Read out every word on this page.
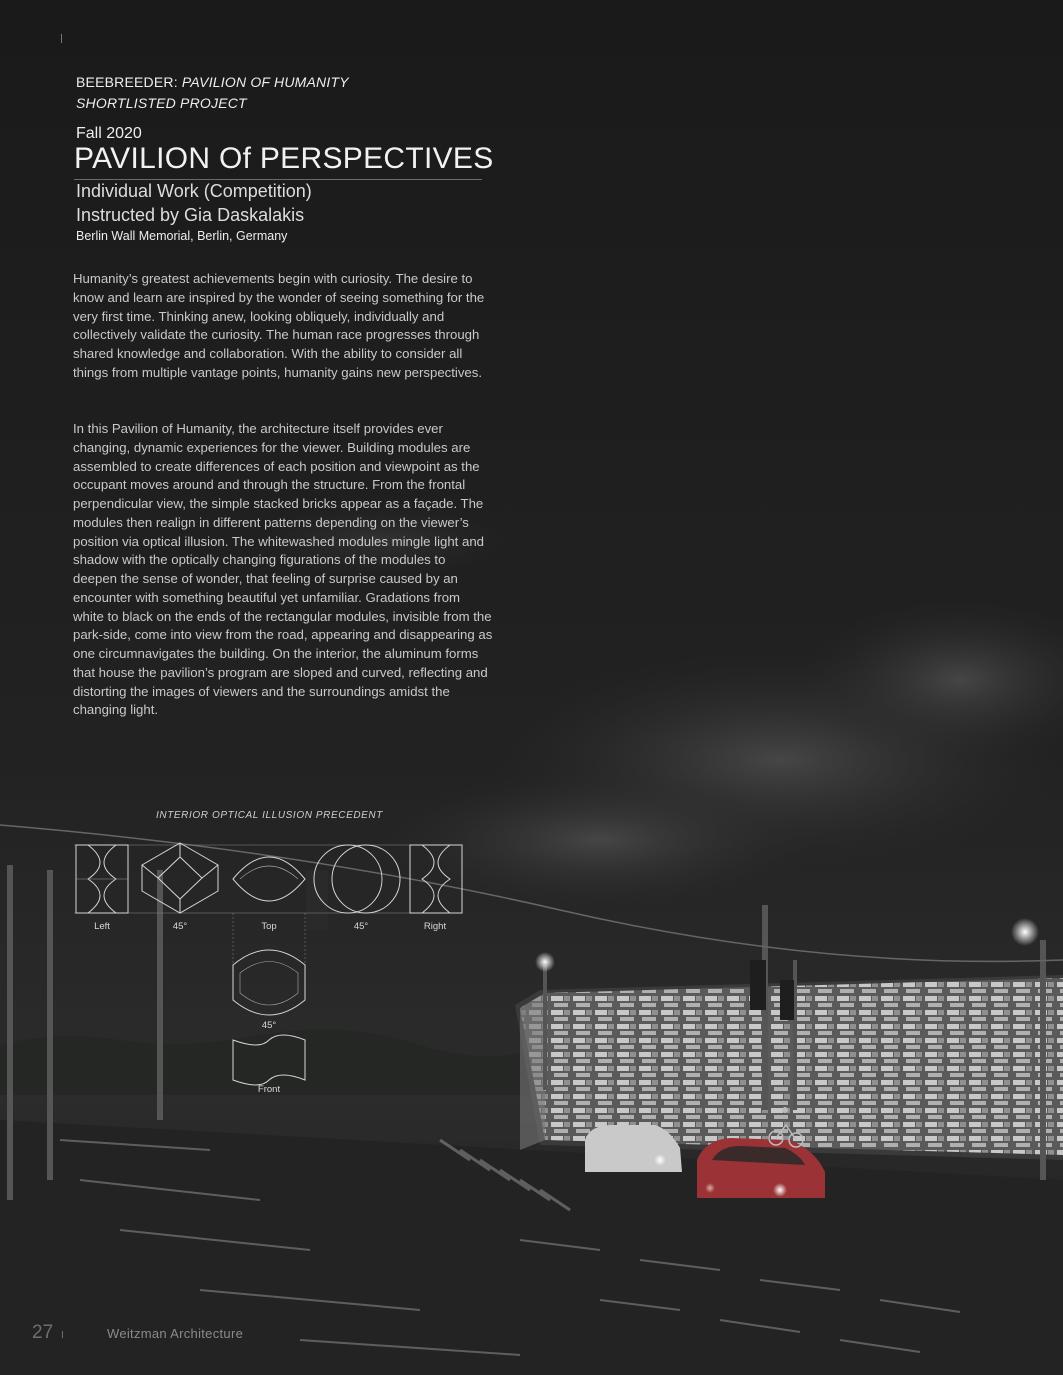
BEEBREEDER: PAVILION OF HUMANITY
SHORTLISTED PROJECT
Fall 2020
PAVILION Of PERSPECTIVES
Individual Work (Competition)
Instructed by Gia Daskalakis
Berlin Wall Memorial, Berlin, Germany

Humanity’s greatest achievements begin with curiosity. The desire to know and learn are inspired by the wonder of seeing something for the very first time. Thinking anew, looking obliquely, individually and collectively validate the curiosity. The human race progresses through shared knowledge and collaboration. With the ability to consider all things from multiple vantage points, humanity gains new perspectives.

In this Pavilion of Humanity, the architecture itself provides ever changing, dynamic experiences for the viewer. Building modules are assembled to create differences of each position and viewpoint as the occupant moves around and through the structure. From the frontal perpendicular view, the simple stacked bricks appear as a façade. The modules then realign in different patterns depending on the viewer’s position via optical illusion. The whitewashed modules mingle light and shadow with the optically changing figurations of the modules to deepen the sense of wonder, that feeling of surprise caused by an encounter with something beautiful yet unfamiliar. Gradations from white to black on the ends of the rectangular modules, invisible from the park-side, come into view from the road, appearing and disappearing as one circumnavigates the building. On the interior, the aluminum forms that house the pavilion’s program are sloped and curved, reflecting and distorting the images of viewers and the surroundings amidst the changing light.

INTERIOR OPTICAL ILLUSION PRECEDENT
Left	45°	Top	45°	Right
45°
Front
27	Weitzman Architecture
